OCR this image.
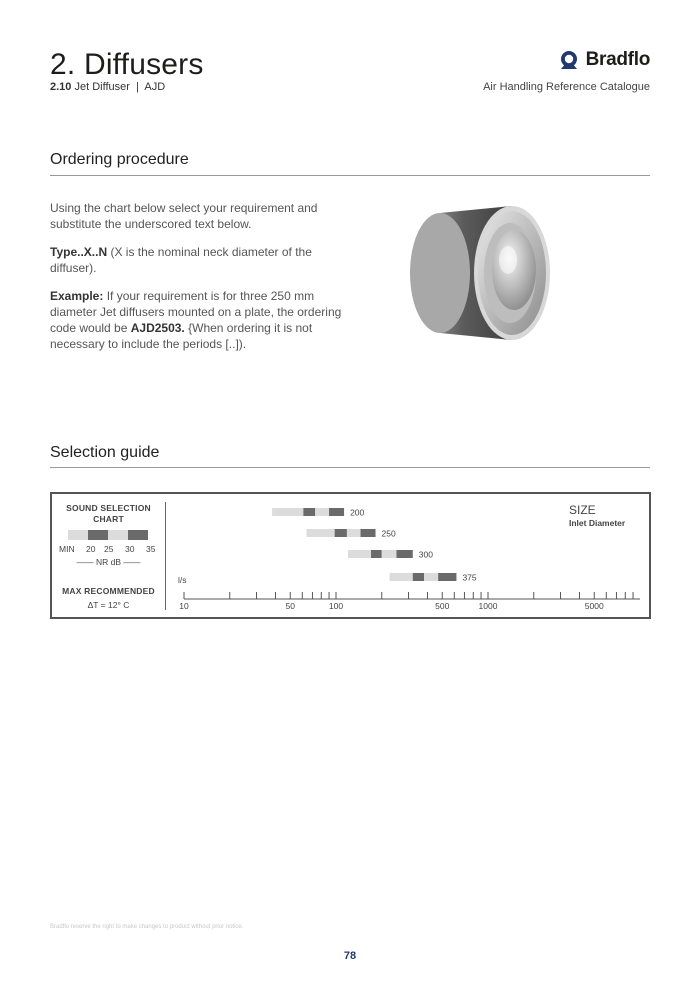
2. Diffusers
2.10 Jet Diffuser | AJD
Bradflo
Air Handling Reference Catalogue
Ordering procedure
Using the chart below select your requirement and substitute the underscored text below.
Type..X..N (X is the nominal neck diameter of the diffuser).
Example: If your requirement is for three 250 mm diameter Jet diffusers mounted on a plate, the ordering code would be AJD2503. {When ordering it is not necessary to include the periods [..]).
Selection guide
SOUND SELECTION
CHART
MIN 20 25 30 35
—— NR dB ——
MAX RECOMMENDED
ΔT = 12° C	10	50	100	500	1000	5000
l/s
SIZE
Inlet Diameter
200
250
300
375
Bradflo reserve the right to make changes to product without prior notice.
78
